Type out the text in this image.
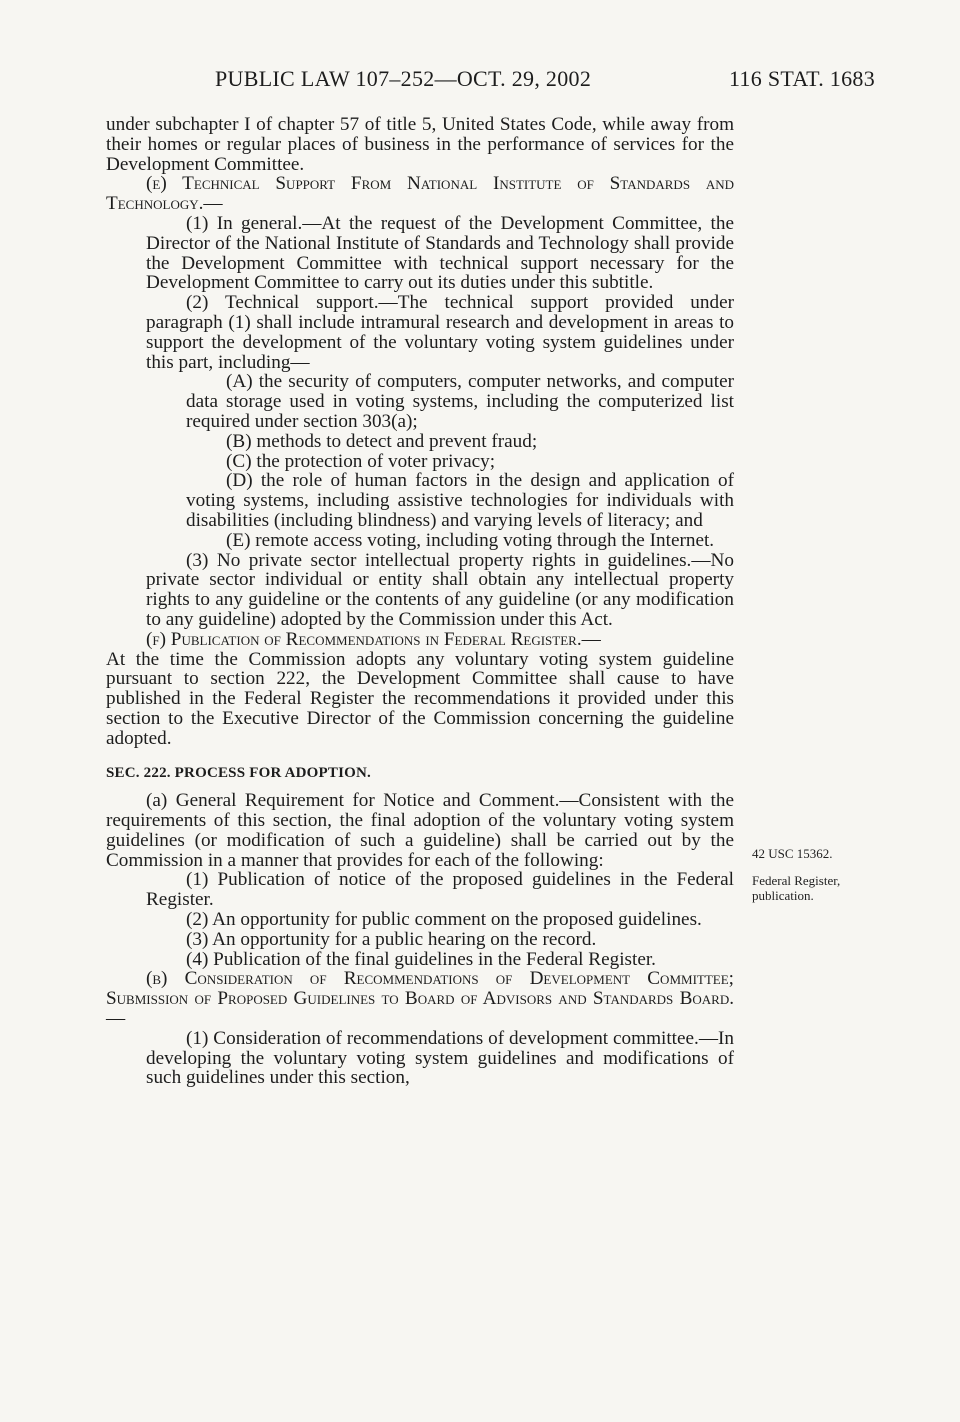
PUBLIC LAW 107–252—OCT. 29, 2002	116 STAT. 1683

under subchapter I of chapter 57 of title 5, United States Code, while away from their homes or regular places of business in the performance of services for the Development Committee.

(e) Technical Support From National Institute of Standards and Technology.—

(1) In general.—At the request of the Development Committee, the Director of the National Institute of Standards and Technology shall provide the Development Committee with technical support necessary for the Development Committee to carry out its duties under this subtitle.

(2) Technical support.—The technical support provided under paragraph (1) shall include intramural research and development in areas to support the development of the voluntary voting system guidelines under this part, including—

(A) the security of computers, computer networks, and computer data storage used in voting systems, including the computerized list required under section 303(a);

(B) methods to detect and prevent fraud;

(C) the protection of voter privacy;

(D) the role of human factors in the design and application of voting systems, including assistive technologies for individuals with disabilities (including blindness) and varying levels of literacy; and

(E) remote access voting, including voting through the Internet.

(3) No private sector intellectual property rights in guidelines.—No private sector individual or entity shall obtain any intellectual property rights to any guideline or the contents of any guideline (or any modification to any guideline) adopted by the Commission under this Act.

(f) Publication of Recommendations in Federal Register.—

At the time the Commission adopts any voluntary voting system guideline pursuant to section 222, the Development Committee shall cause to have published in the Federal Register the recommendations it provided under this section to the Executive Director of the Commission concerning the guideline adopted.

SEC. 222. PROCESS FOR ADOPTION.

(a) General Requirement for Notice and Comment.—Consistent with the requirements of this section, the final adoption of the voluntary voting system guidelines (or modification of such a guideline) shall be carried out by the Commission in a manner that provides for each of the following:

(1) Publication of notice of the proposed guidelines in the Federal Register.

(2) An opportunity for public comment on the proposed guidelines.

(3) An opportunity for a public hearing on the record.

(4) Publication of the final guidelines in the Federal Register.

(b) Consideration of Recommendations of Development Committee; Submission of Proposed Guidelines to Board of Advisors and Standards Board.—

(1) Consideration of recommendations of development committee.—In developing the voluntary voting system guidelines and modifications of such guidelines under this section,

42 USC 15362.
Federal Register, publication.
